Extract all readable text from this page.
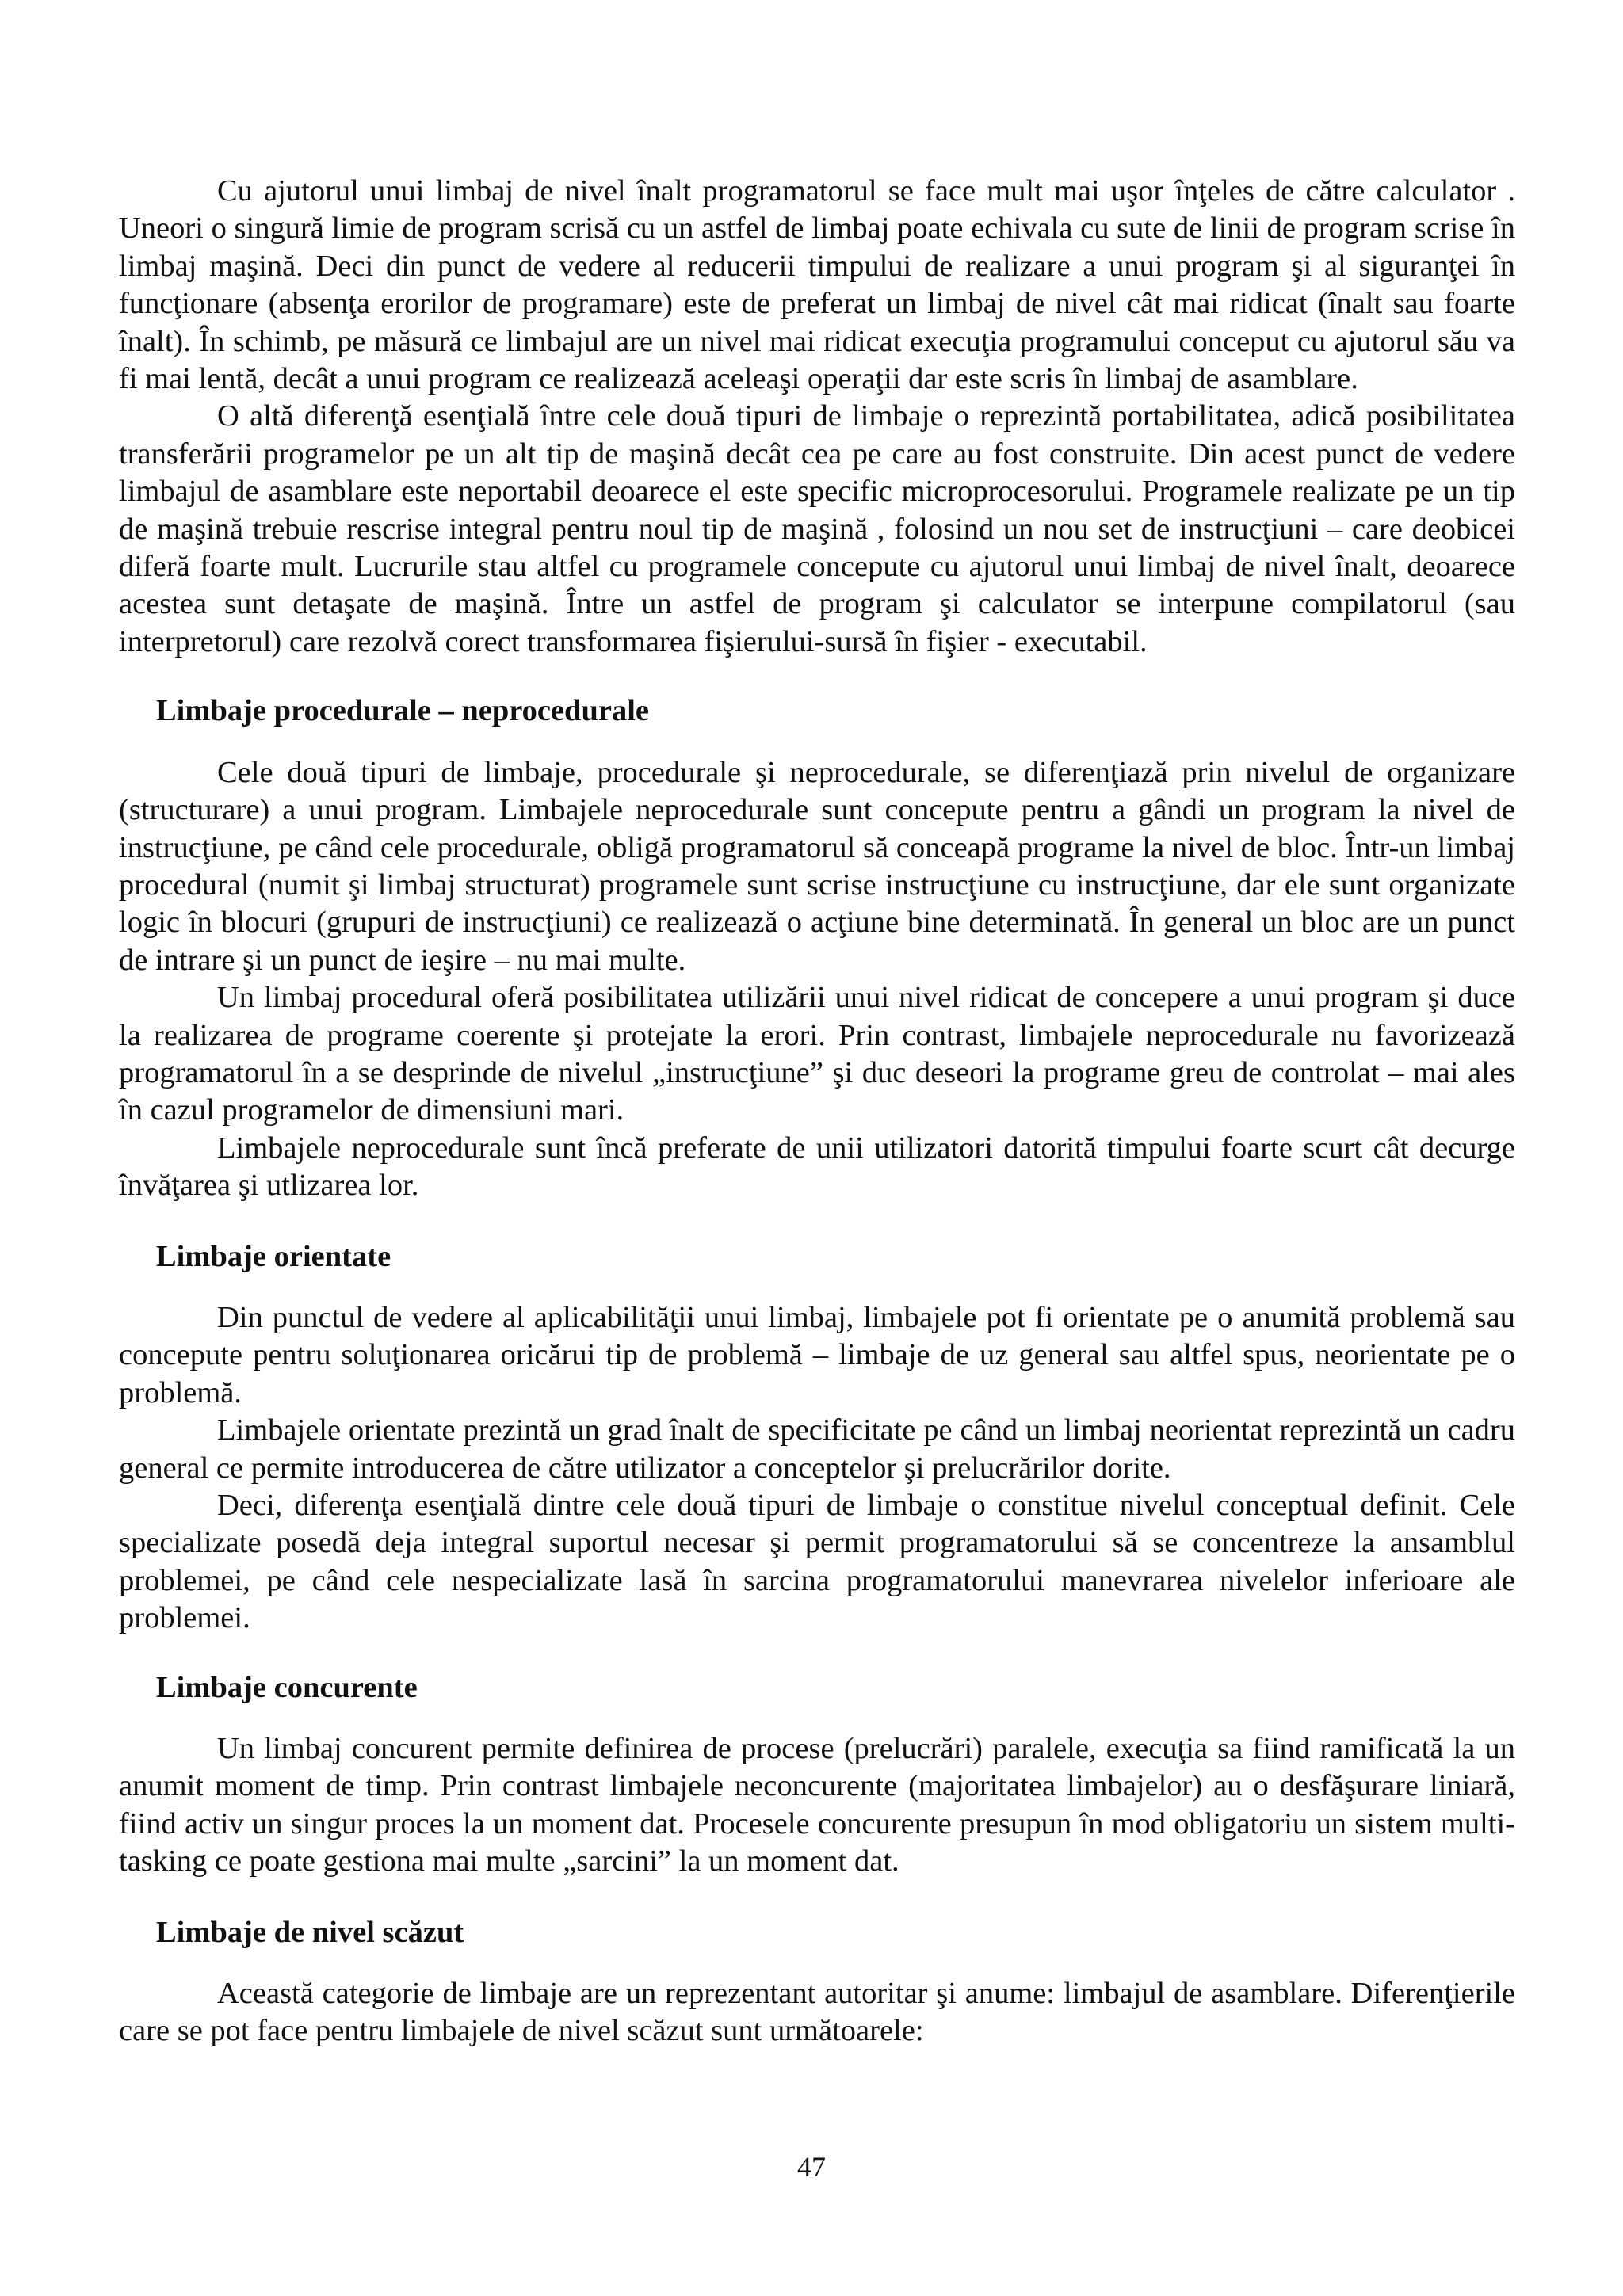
Cu ajutorul unui limbaj de nivel înalt programatorul se face mult mai uşor înţeles de către calculator . Uneori o singură limie de program scrisă cu un astfel de limbaj poate echivala cu sute de linii de program scrise în limbaj maşină. Deci din punct de vedere al reducerii timpului de realizare a unui program şi al siguranţei în funcţionare (absenţa erorilor de programare) este de preferat un limbaj de nivel cât mai ridicat (înalt sau foarte înalt). În schimb, pe măsură ce limbajul are un nivel mai ridicat execuţia programului conceput cu ajutorul său va fi mai lentă, decât a unui program ce realizează aceleaşi operaţii dar este scris în limbaj de asamblare.

O altă diferenţă esenţială între cele două tipuri de limbaje o reprezintă portabilitatea, adică posibilitatea transferării programelor pe un alt tip de maşină decât cea pe care au fost construite. Din acest punct de vedere limbajul de asamblare este neportabil deoarece el este specific microprocesorului. Programele realizate pe un tip de maşină trebuie rescrise integral pentru noul tip de maşină , folosind un nou set de instrucţiuni – care deobicei diferă foarte mult. Lucrurile stau altfel cu programele concepute cu ajutorul unui limbaj de nivel înalt, deoarece acestea sunt detaşate de maşină. Între un astfel de program şi calculator se interpune compilatorul (sau interpretorul) care rezolvă corect transformarea fişierului-sursă în fişier - executabil.

Limbaje procedurale – neprocedurale

Cele două tipuri de limbaje, procedurale şi neprocedurale, se diferenţiază prin nivelul de organizare (structurare) a unui program. Limbajele neprocedurale sunt concepute pentru a gândi un program la nivel de instrucţiune, pe când cele procedurale, obligă programatorul să conceapă programe la nivel de bloc. Într-un limbaj procedural (numit şi limbaj structurat) programele sunt scrise instrucţiune cu instrucţiune, dar ele sunt organizate logic în blocuri (grupuri de instrucţiuni) ce realizează o acţiune bine determinată. În general un bloc are un punct de intrare şi un punct de ieşire – nu mai multe.

Un limbaj procedural oferă posibilitatea utilizării unui nivel ridicat de concepere a unui program şi duce la realizarea de programe coerente şi protejate la erori. Prin contrast, limbajele neprocedurale nu favorizează programatorul în a se desprinde de nivelul „instrucţiune” şi duc deseori la programe greu de controlat – mai ales în cazul programelor de dimensiuni mari.

Limbajele neprocedurale sunt încă preferate de unii utilizatori datorită timpului foarte scurt cât decurge învăţarea şi utlizarea lor.

Limbaje orientate

Din punctul de vedere al aplicabilităţii unui limbaj, limbajele pot fi orientate pe o anumită problemă sau concepute pentru soluţionarea oricărui tip de problemă – limbaje de uz general sau altfel spus, neorientate pe o problemă.

Limbajele orientate prezintă un grad înalt de specificitate pe când un limbaj neorientat reprezintă un cadru general ce permite introducerea de către utilizator a conceptelor şi prelucrărilor dorite.

Deci, diferenţa esenţială dintre cele două tipuri de limbaje o constitue nivelul conceptual definit. Cele specializate posedă deja integral suportul necesar şi permit programatorului să se concentreze la ansamblul problemei, pe când cele nespecializate lasă în sarcina programatorului manevrarea nivelelor inferioare ale problemei.

Limbaje concurente

Un limbaj concurent permite definirea de procese (prelucrări) paralele, execuţia sa fiind ramificată la un anumit moment de timp. Prin contrast limbajele neconcurente (majoritatea limbajelor) au o desfăşurare liniară, fiind activ un singur proces la un moment dat. Procesele concurente presupun în mod obligatoriu un sistem multi-tasking ce poate gestiona mai multe „sarcini” la un moment dat.

Limbaje de nivel scăzut

Această categorie de limbaje are un reprezentant autoritar şi anume: limbajul de asamblare. Diferenţierile care se pot face pentru limbajele de nivel scăzut sunt următoarele:

47
